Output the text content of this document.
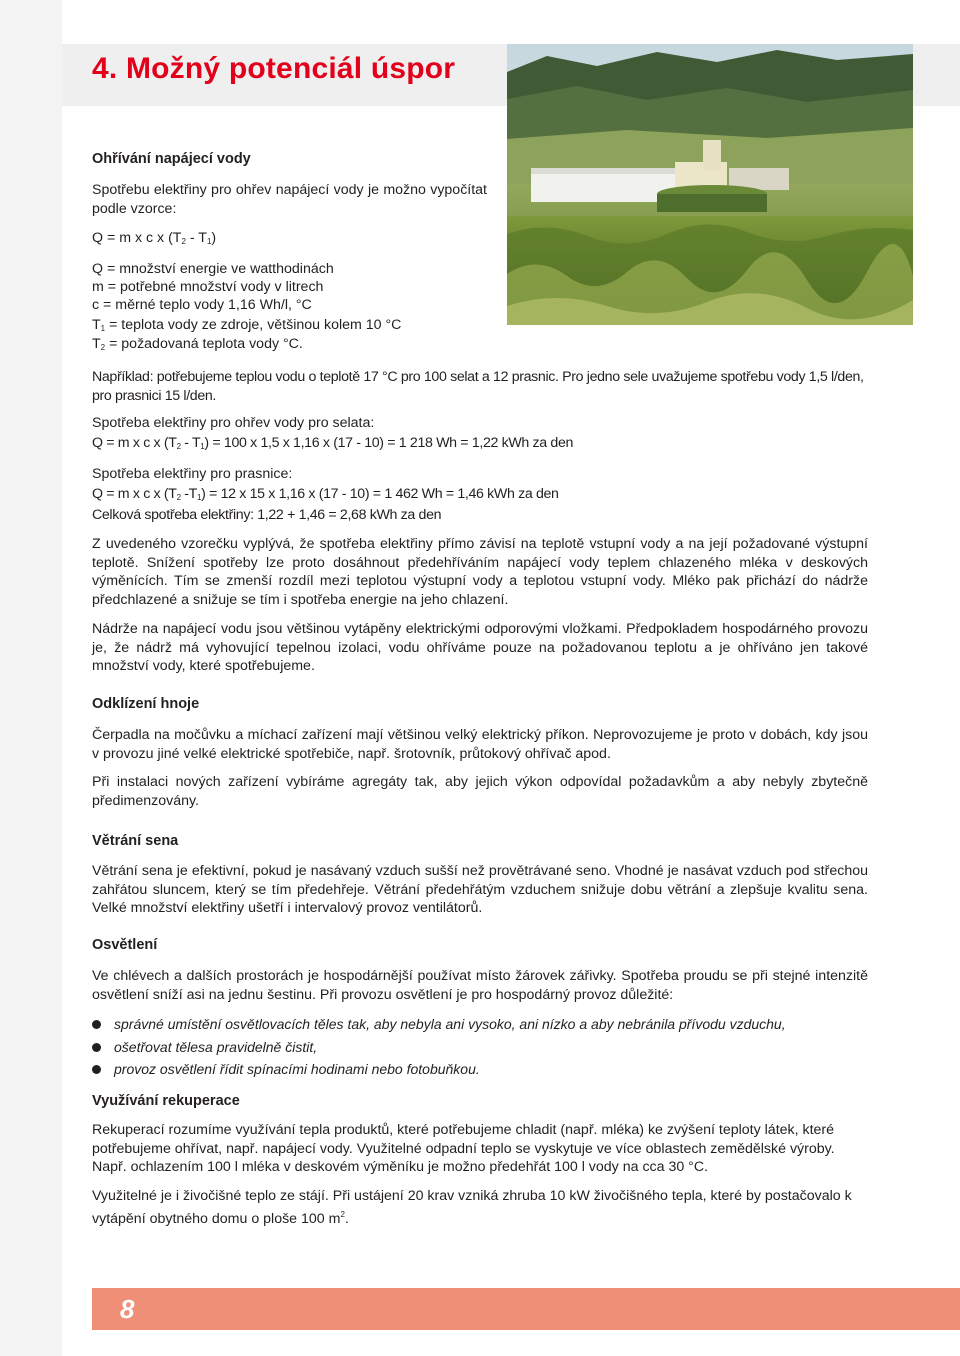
4. Možný potenciál úspor
Ohřívání napájecí vody

Spotřebu elektřiny pro ohřev napájecí vody je možno vypočítat podle vzorce:

Q = m x c x $(T_2 - T_1)$

Q = množství energie ve watthodinách

m = potřebné množství vody v litrech

c = měrné teplo vody 1,16 Wh/l, °C

$T_1$ = teplota vody ze zdroje, většinou kolem 10 °C

$T_2$ = požadovaná teplota vody °C.

Například: potřebujeme teplou vodu o teplotě 17 °C pro 100 selat a 12 prasnic. Pro jedno sele uvažujeme spotřebu vody 1,5 l/den, pro prasnici 15 l/den.

Spotřeba elektřiny pro ohřev vody pro selata:

Q = m x c x $(T_2 - T_1) = 100$ x 1,5 x 1,16 x (17 - 10) = 1 218 Wh = 1,22 kWh za den

Spotřeba elektřiny pro prasnice:

Q = m x c x ($T_2$ $-T_1) = 12$ x 15 x 1,16 x (17 - 10) = 1 462 Wh = 1,46 kWh za den

Celková spotřeba elektřiny: 1,22 + 1,46 = 2,68 kWh za den

Z uvedeného vzorečku vyplývá, že spotřeba elektřiny přímo závisí na teplotě vstupní vody a na její požadované výstupní teplotě. Snížení spotřeby lze proto dosáhnout předehříváním napájecí vody teplem chlazeného mléka v deskových výměnících. Tím se zmenší rozdíl mezi teplotou výstupní vody a teplotou vstupní vody. Mléko pak přichází do nádrže předchlazené a snižuje se tím i spotřeba energie na jeho chlazení.

Nádrže na napájecí vodu jsou většinou vytápěny elektrickými odporovými vložkami. Předpokladem hospodárného provozu je, že nádrž má vyhovující tepelnou izolaci, vodu ohříváme pouze na požadovanou teplotu a je ohříváno jen takové množství vody, které spotřebujeme.

Odklízení hnoje

Čerpadla na močůvku a míchací zařízení mají většinou velký elektrický příkon. Neprovozujeme je proto v dobách, kdy jsou v provozu jiné velké elektrické spotřebiče, např. šrotovník, průtokový ohřívač apod.

Při instalaci nových zařízení vybíráme agregáty tak, aby jejich výkon odpovídal požadavkům a aby nebyly zbytečně předimenzovány.

Větrání sena

Větrání sena je efektivní, pokud je nasávaný vzduch sušší než provětrávané seno. Vhodné je nasávat vzduch pod střechou zahřátou sluncem, který se tím předehřeje. Větrání předehřátým vzduchem snižuje dobu větrání a zlepšuje kvalitu sena. Velké množství elektřiny ušetří i intervalový provoz ventilátorů.

Osvětlení

Ve chlévech a dalších prostorách je hospodárnější používat místo žárovek zářivky. Spotřeba proudu se při stejné intenzitě osvětlení sníží asi na jednu šestinu. Při provozu osvětlení je pro hospodárný provoz důležité:

správné umístění osvětlovacích těles tak, aby nebyla ani vysoko, ani nízko a aby nebránila přívodu vzduchu,
ošetřovat tělesa pravidelně čistit,
provoz osvětlení řídit spínacími hodinami nebo fotobuňkou.
Využívání rekuperace

Rekuperací rozumíme využívání tepla produktů, které potřebujeme chladit (např. mléka) ke zvýšení teploty látek, které potřebujeme ohřívat, např. napájecí vody. Využitelné odpadní teplo se vyskytuje ve více oblastech zemědělské výroby. Např. ochlazením 100 l mléka v deskovém výměníku je možno předehřát 100 l vody na cca 30 °C.

Využitelné je i živočišné teplo ze stájí. Při ustájení 20 krav vzniká zhruba 10 kW živočišného tepla, které by postačovalo k vytápění obytného domu o ploše 100 $m^2$.

8
